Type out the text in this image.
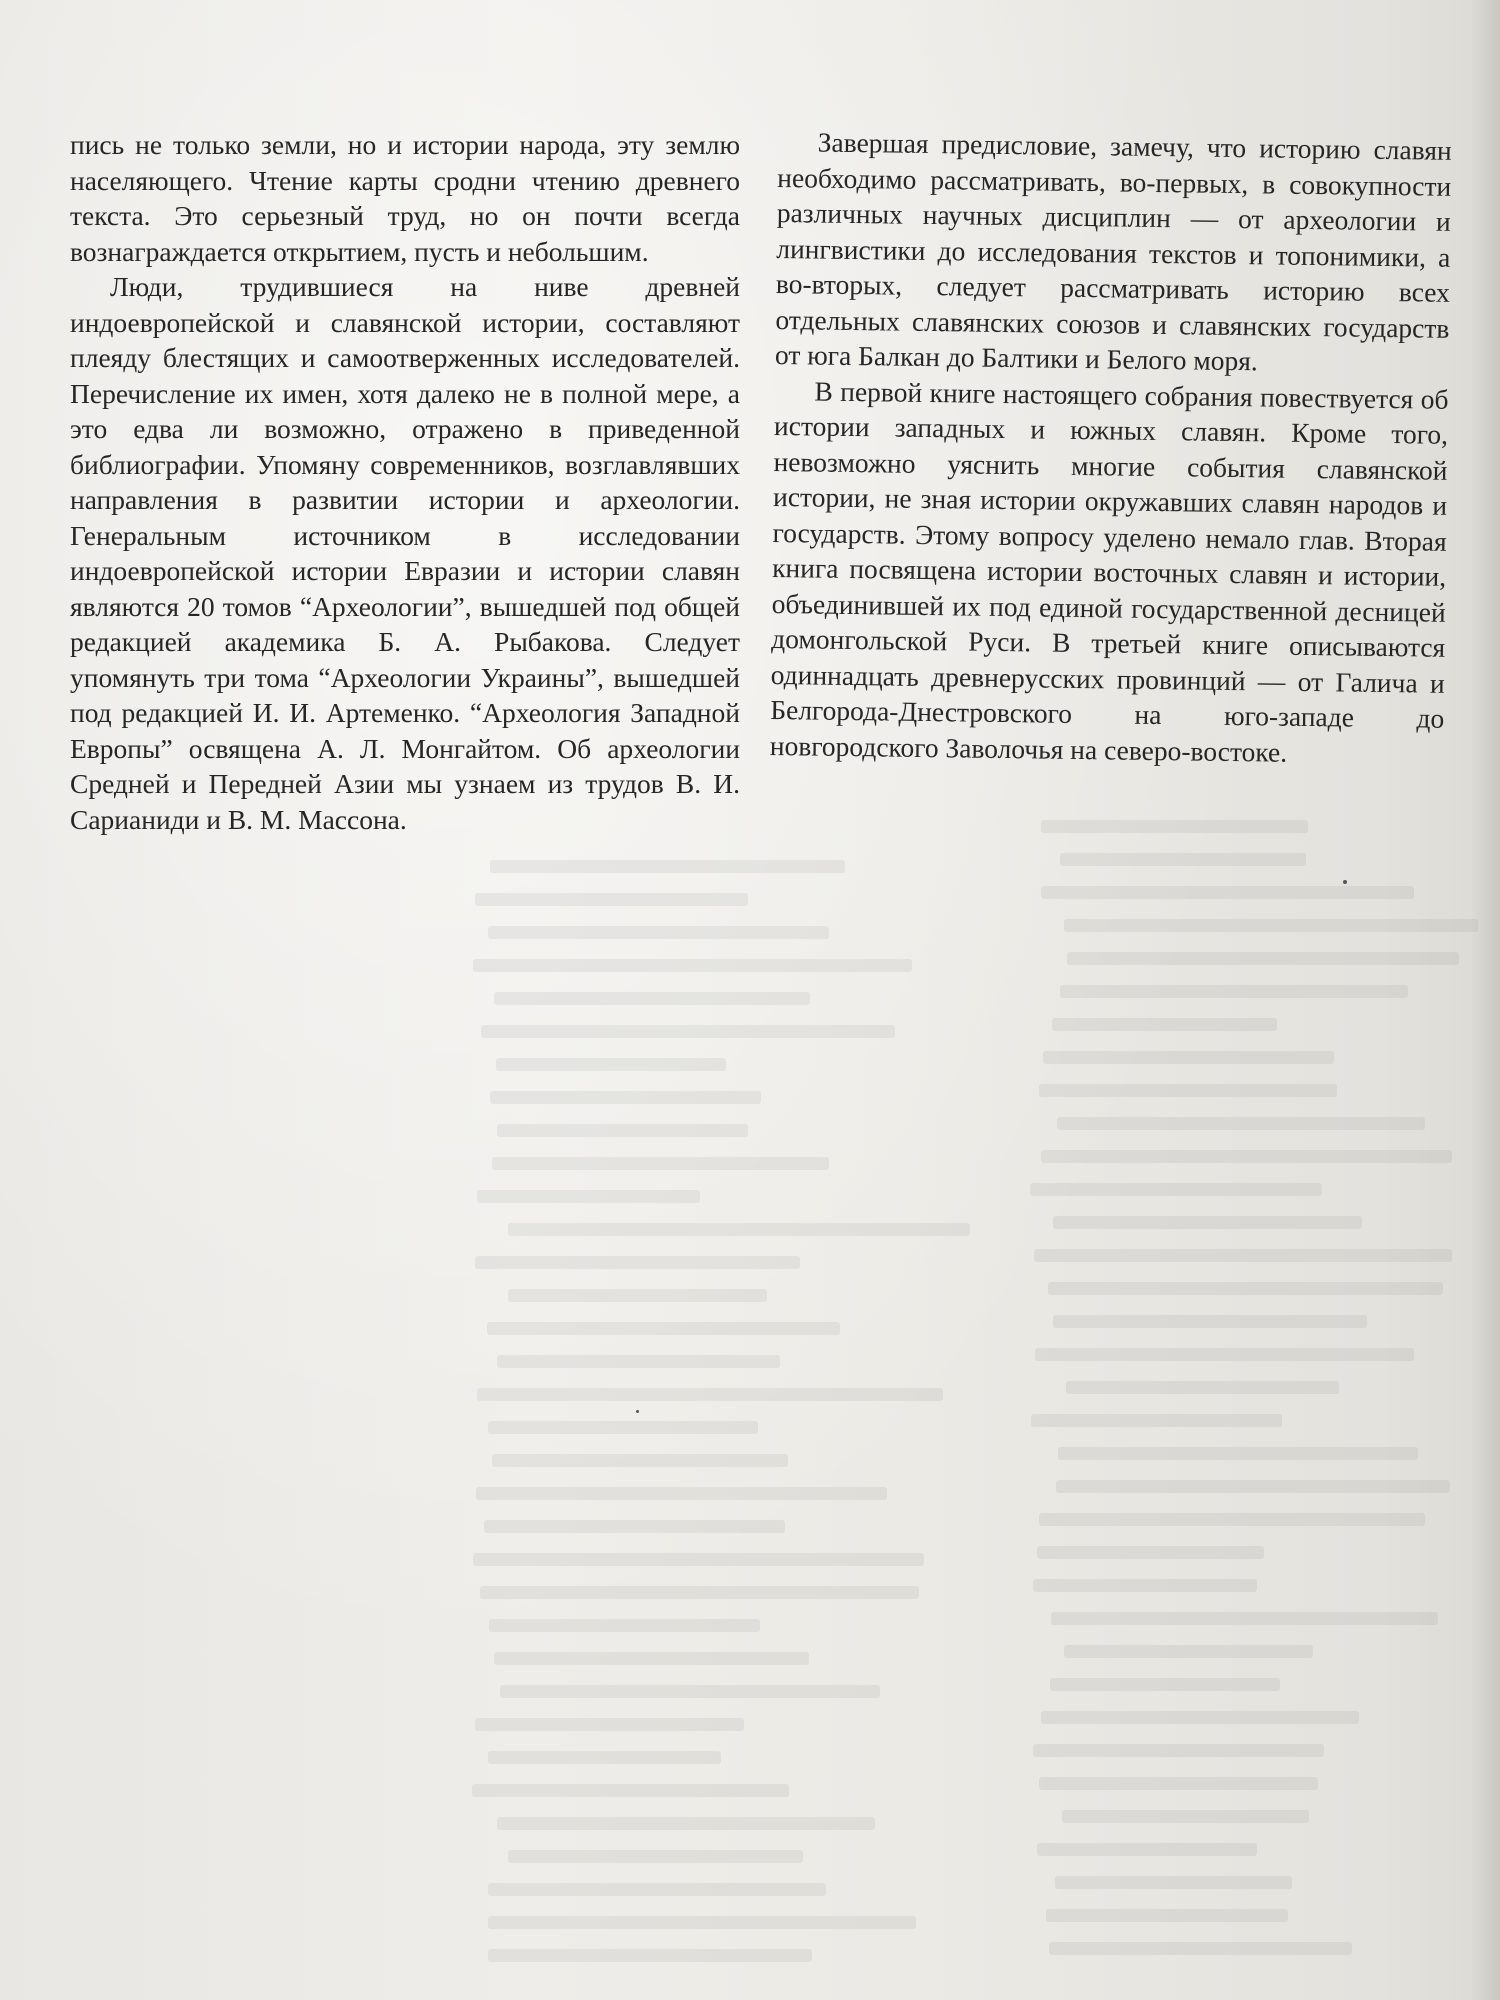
пись не только земли, но и истории народа, эту землю населяющего. Чтение карты сродни чтению древнего текста. Это серьезный труд, но он почти всегда вознаграждается открытием, пусть и небольшим.

Люди, трудившиеся на ниве древней индоевропейской и славянской истории, составляют плеяду блестящих и самоотверженных исследователей. Перечисление их имен, хотя далеко не в полной мере, а это едва ли возможно, отражено в приведенной библиографии. Упомяну современников, возглавлявших направления в развитии истории и археологии. Генеральным источником в исследовании индоевропейской истории Евразии и истории славян являются 20 томов “Археологии”, вышедшей под общей редакцией академика Б. А. Рыбакова. Следует упомянуть три тома “Археологии Украины”, вышедшей под редакцией И. И. Артеменко. “Археология Западной Европы” освящена А. Л. Монгайтом. Об археологии Средней и Передней Азии мы узнаем из трудов В. И. Сарианиди и В. М. Массона.

Завершая предисловие, замечу, что историю славян необходимо рассматривать, во-первых, в совокупности различных научных дисциплин — от археологии и лингвистики до исследования текстов и топонимики, а во-вторых, следует рассматривать историю всех отдельных славянских союзов и славянских государств от юга Балкан до Балтики и Белого моря.

В первой книге настоящего собрания повествуется об истории западных и южных славян. Кроме того, невозможно уяснить многие события славянской истории, не зная истории окружавших славян народов и государств. Этому вопросу уделено немало глав. Вторая книга посвящена истории восточных славян и истории, объединившей их под единой государственной десницей домонгольской Руси. В третьей книге описываются одиннадцать древнерусских провинций — от Галича и Белгорода-Днестровского на юго-западе до новгородского Заволочья на северо-востоке.
